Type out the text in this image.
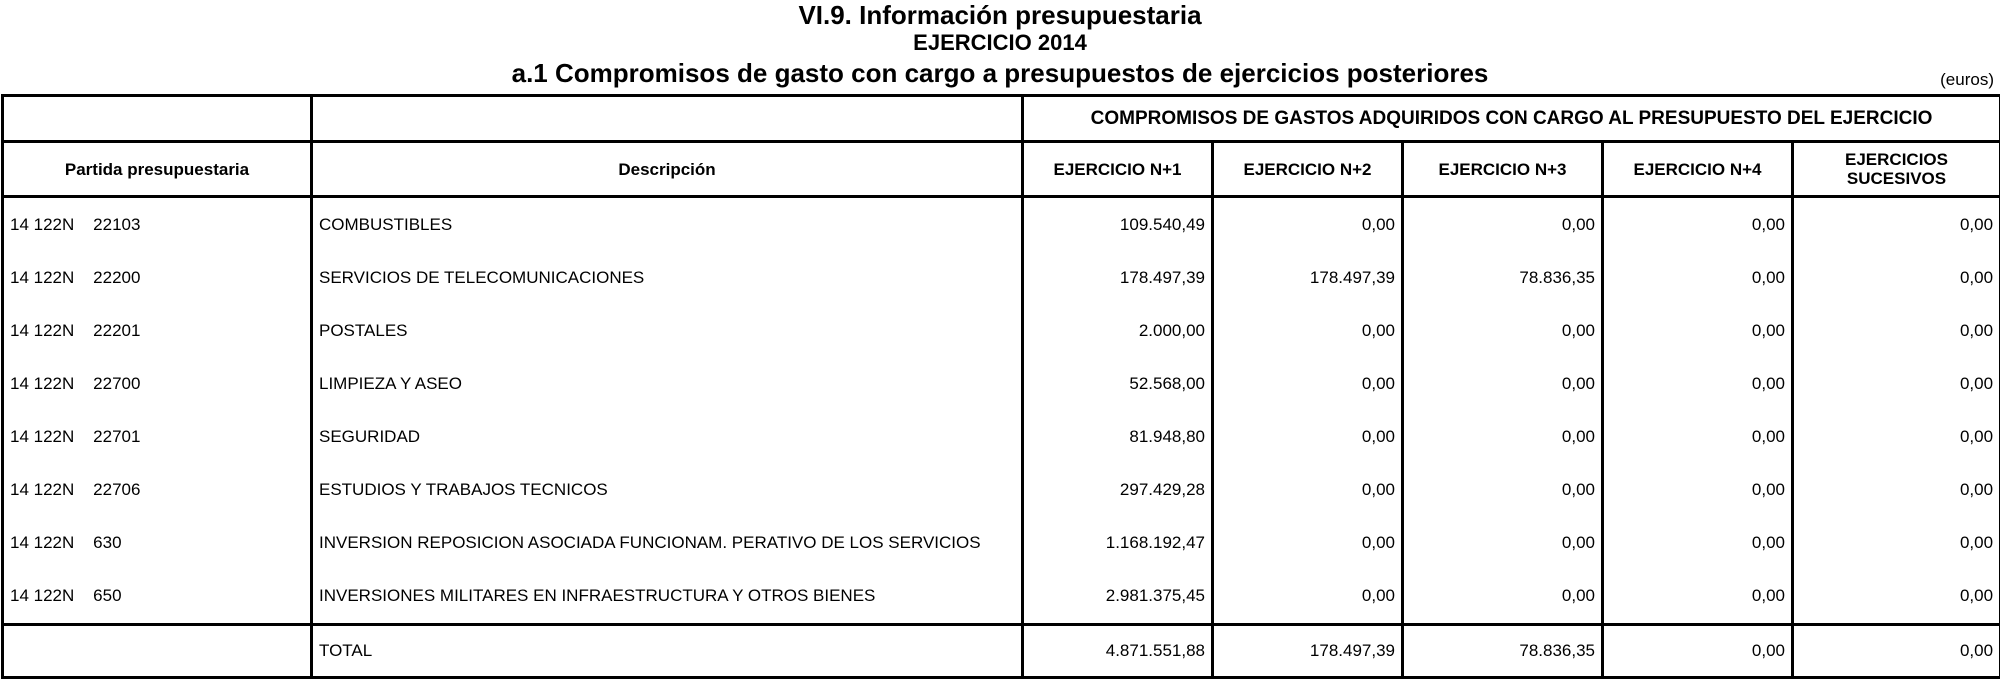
VI.9. Información presupuestaria
EJERCICIO 2014
a.1 Compromisos de gasto con cargo a presupuestos de ejercicios posteriores	(euros)
		COMPROMISOS DE GASTOS ADQUIRIDOS CON CARGO AL PRESUPUESTO DEL EJERCICIO				
Partida presupuestaria	Descripción	EJERCICIO N+1	EJERCICIO N+2	EJERCICIO N+3	EJERCICIO N+4	EJERCICIOS SUCESIVOS
14 122N    22103	COMBUSTIBLES	109.540,49	0,00	0,00	0,00	0,00
14 122N    22200	SERVICIOS DE TELECOMUNICACIONES	178.497,39	178.497,39	78.836,35	0,00	0,00
14 122N    22201	POSTALES	2.000,00	0,00	0,00	0,00	0,00
14 122N    22700	LIMPIEZA Y ASEO	52.568,00	0,00	0,00	0,00	0,00
14 122N    22701	SEGURIDAD	81.948,80	0,00	0,00	0,00	0,00
14 122N    22706	ESTUDIOS Y TRABAJOS TECNICOS	297.429,28	0,00	0,00	0,00	0,00
14 122N    630	INVERSION REPOSICION ASOCIADA FUNCIONAM. PERATIVO DE LOS SERVICIOS	1.168.192,47	0,00	0,00	0,00	0,00
14 122N    650	INVERSIONES MILITARES EN INFRAESTRUCTURA Y OTROS BIENES	2.981.375,45	0,00	0,00	0,00	0,00
	TOTAL	4.871.551,88	178.497,39	78.836,35	0,00	0,00
